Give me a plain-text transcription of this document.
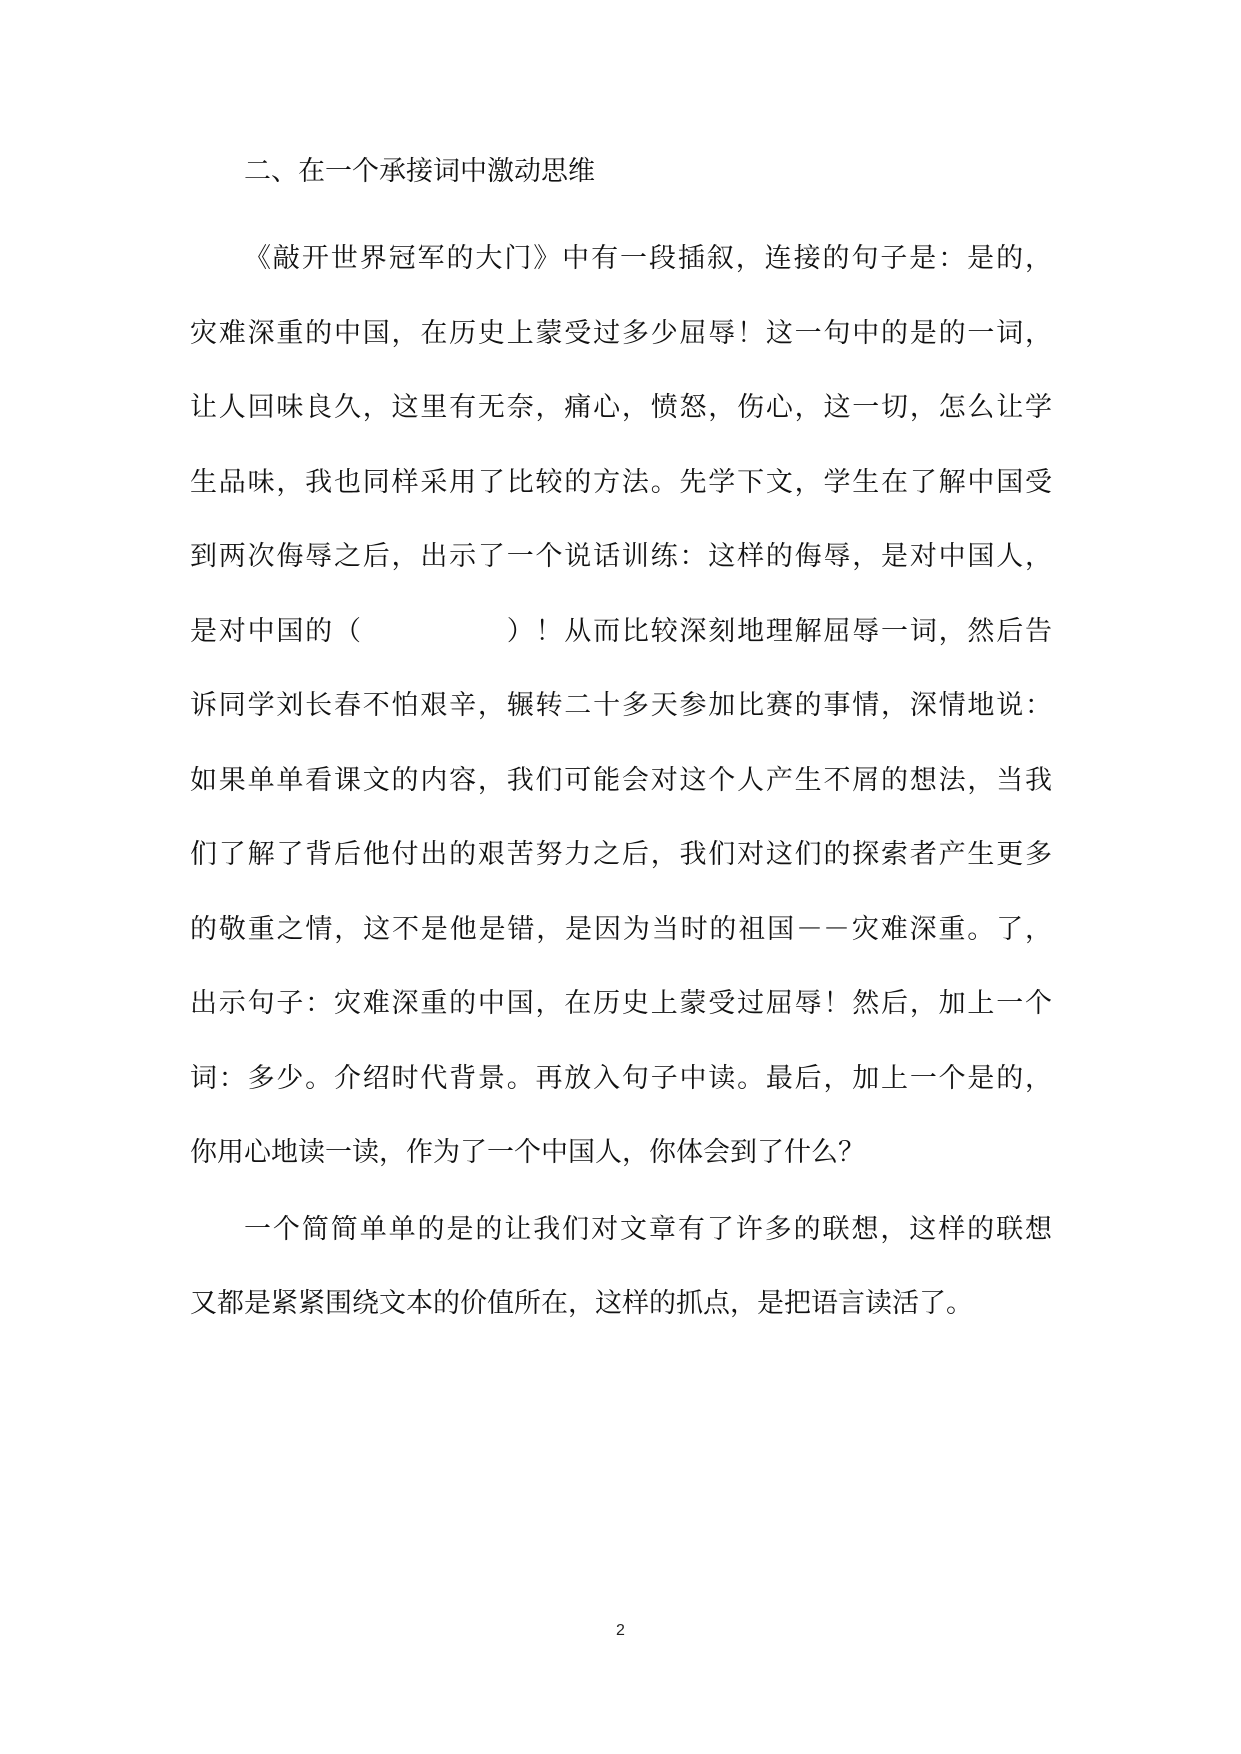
二、在一个承接词中激动思维
《敲开世界冠军的大门》中有一段插叙，连接的句子是：是的，
灾难深重的中国，在历史上蒙受过多少屈辱！这一句中的是的一词，
让人回味良久，这里有无奈，痛心，愤怒，伤心，这一切，怎么让学
生品味，我也同样采用了比较的方法。先学下文，学生在了解中国受
到两次侮辱之后，出示了一个说话训练：这样的侮辱，是对中国人，
是对中国的（　　　　　）！从而比较深刻地理解屈辱一词，然后告
诉同学刘长春不怕艰辛，辗转二十多天参加比赛的事情，深情地说：
如果单单看课文的内容，我们可能会对这个人产生不屑的想法，当我
们了解了背后他付出的艰苦努力之后，我们对这们的探索者产生更多
的敬重之情，这不是他是错，是因为当时的祖国－－灾难深重。了，
出示句子：灾难深重的中国，在历史上蒙受过屈辱！然后，加上一个
词：多少。介绍时代背景。再放入句子中读。最后，加上一个是的，
你用心地读一读，作为了一个中国人，你体会到了什么？
一个简简单单的是的让我们对文章有了许多的联想，这样的联想
又都是紧紧围绕文本的价值所在，这样的抓点，是把语言读活了。
2
